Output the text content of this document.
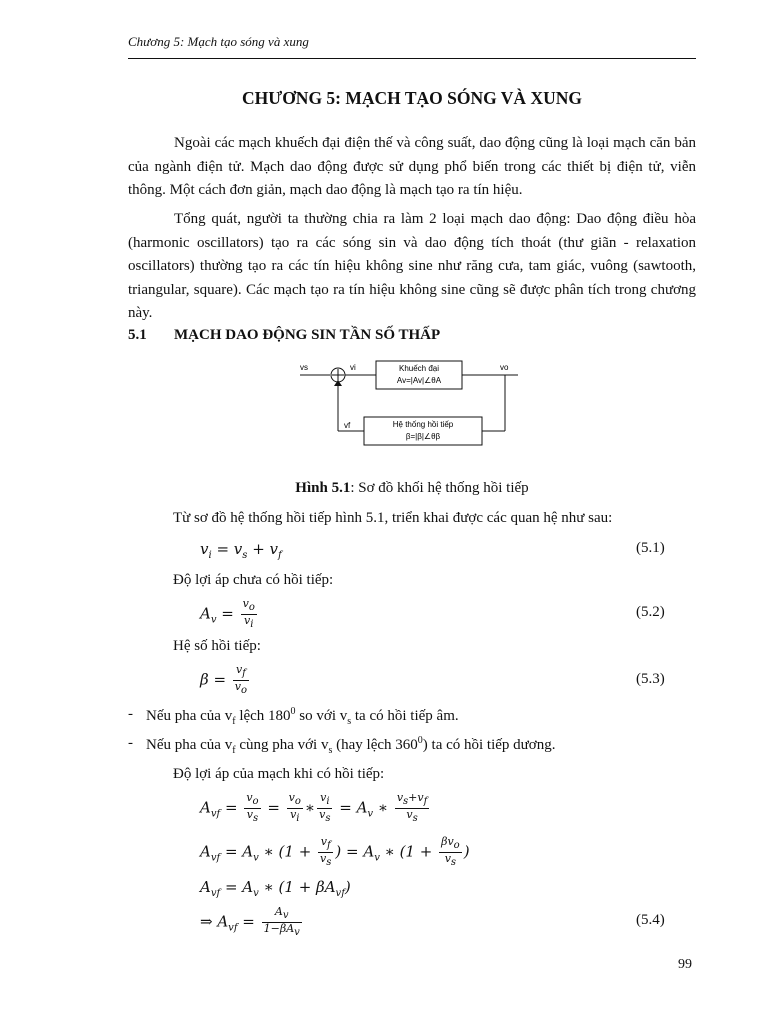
Chương 5: Mạch tạo sóng và xung
CHƯƠNG 5: MẠCH TẠO SÓNG VÀ XUNG
Ngoài các mạch khuếch đại điện thế và công suất, dao động cũng là loại mạch căn bản của ngành điện tử. Mạch dao động được sử dụng phổ biến trong các thiết bị điện tử, viễn thông. Một cách đơn giản, mạch dao động là mạch tạo ra tín hiệu.
Tổng quát, người ta thường chia ra làm 2 loại mạch dao động: Dao động điều hòa (harmonic oscillators) tạo ra các sóng sin và dao động tích thoát (thư giãn - relaxation oscillators) thường tạo ra các tín hiệu không sine như răng cưa, tam giác, vuông (sawtooth, triangular, square). Các mạch tạo ra tín hiệu không sine cũng sẽ được phân tích trong chương này.
5.1 MẠCH DAO ĐỘNG SIN TẦN SỐ THẤP
vs	vi	vo
vf
Khuếch đại
Av=|Av|∠θA
Hệ thống hồi tiếp
β=|β|∠θβ
Hình 5.1: Sơ đồ khối hệ thống hồi tiếp
Từ sơ đồ hệ thống hồi tiếp hình 5.1, triển khai được các quan hệ như sau:
$v_i = v_s + v_f$	(5.1)
Độ lợi áp chưa có hồi tiếp:
$A_v = \frac{v_o}{v_i}$	(5.2)
Hệ số hồi tiếp:
$\beta = \frac{v_f}{v_o}$	(5.3)
- Nếu pha của $v_f$ lệch $180^0$ so với $v_s$ ta có hồi tiếp âm.
- Nếu pha của $v_f$ cùng pha với $v_s$ (hay lệch $360^0$) ta có hồi tiếp dương.
Độ lợi áp của mạch khi có hồi tiếp:
$A_{vf} = \frac{v_o}{v_s} = \frac{v_o}{v_i}$ ∗ $\frac{v_i}{v_s} = A_v$ ∗ $\frac{v_s+v_f}{v_s}$
$A_{vf} = A_v$ ∗ ($1 + \frac{v_f}{v_s}$ ) = $A_v$ ∗ ($1 + \frac{\beta v_o}{v_s}$ )
$A_{vf} = A_v$ ∗ $(1 + \beta A_{vf})$
⇒ $A_{vf} = \frac{A_v}{1-\beta A_v}$	(5.4)
99
